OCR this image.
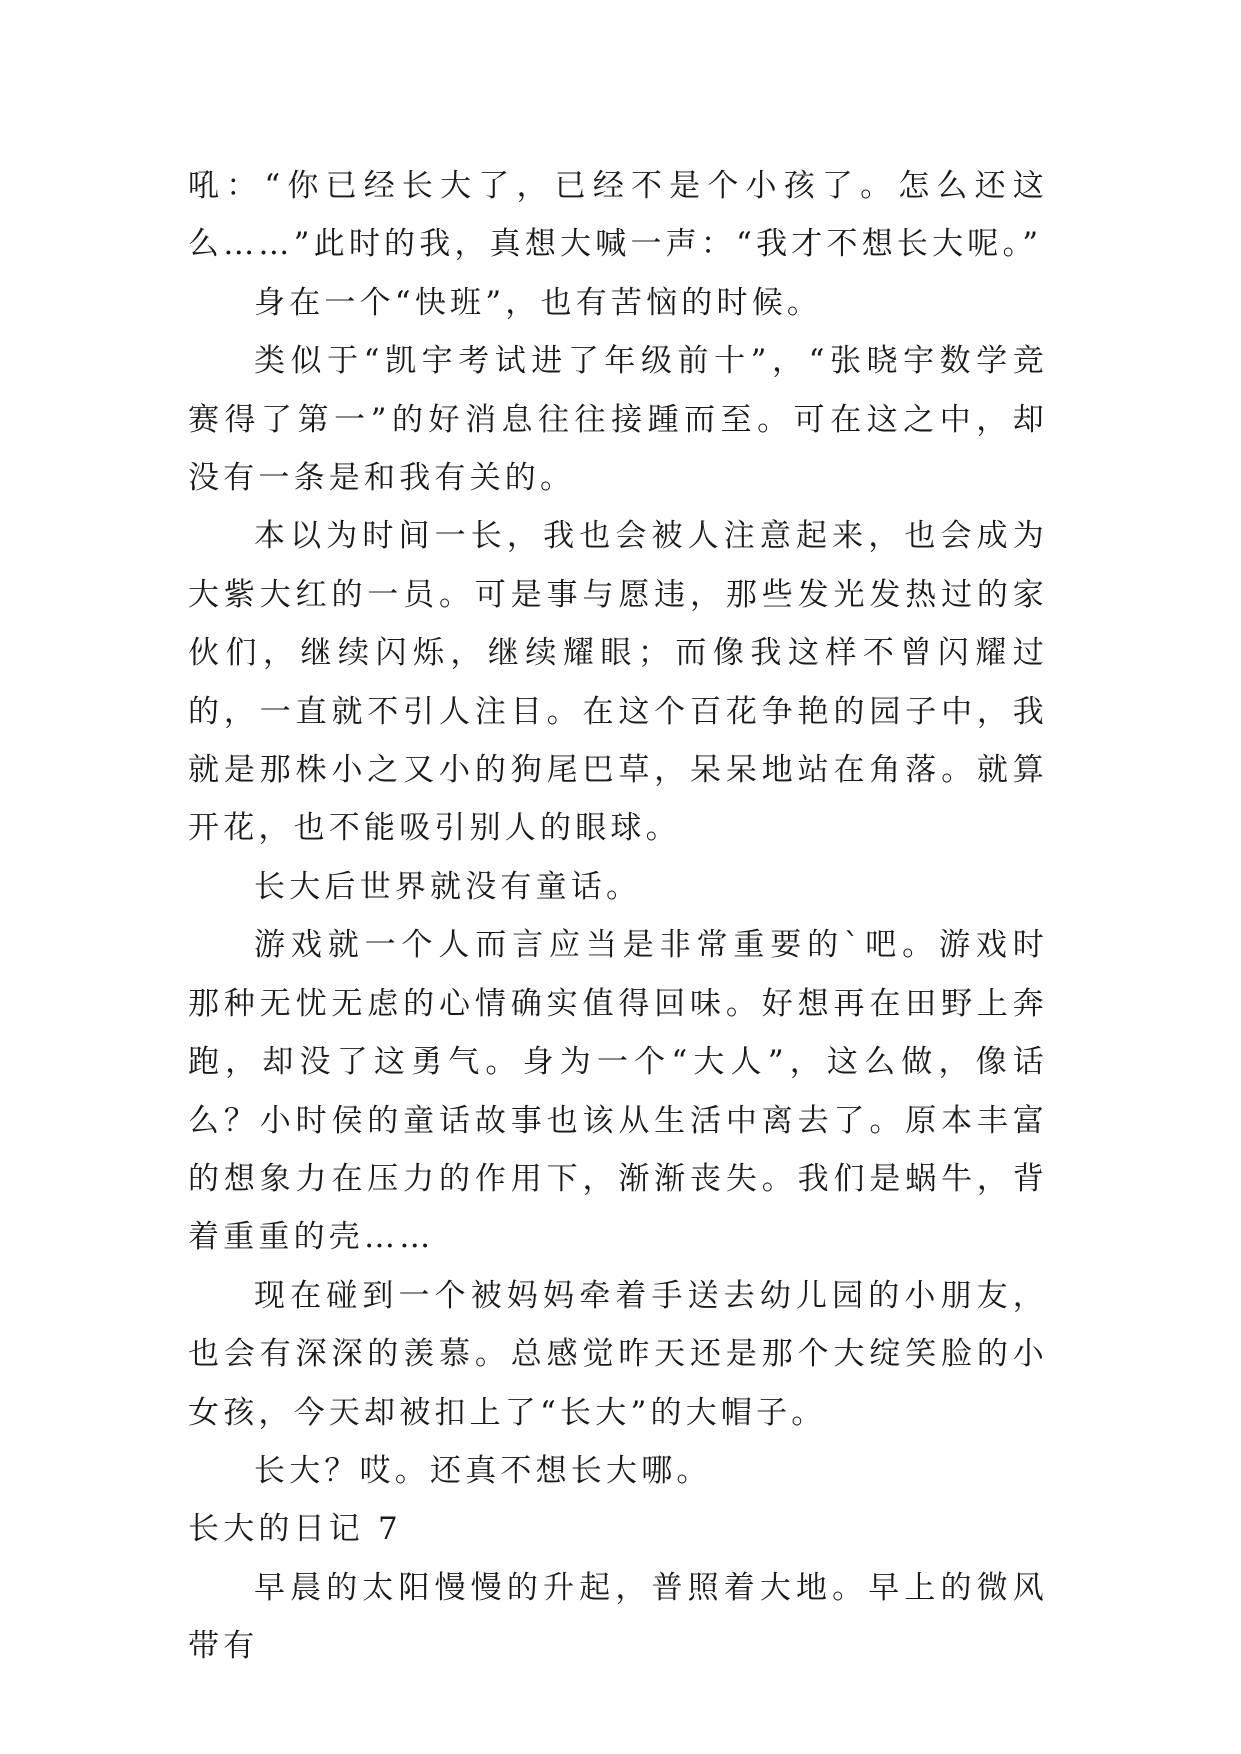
吼：“你已经长大了，已经不是个小孩了。怎么还这么……”此时的我，真想大喊一声：“我才不想长大呢。”

身在一个“快班”，也有苦恼的时候。

类似于“凯宇考试进了年级前十”，“张晓宇数学竞赛得了第一”的好消息往往接踵而至。可在这之中，却没有一条是和我有关的。

本以为时间一长，我也会被人注意起来，也会成为大紫大红的一员。可是事与愿违，那些发光发热过的家伙们，继续闪烁，继续耀眼；而像我这样不曾闪耀过的，一直就不引人注目。在这个百花争艳的园子中，我就是那株小之又小的狗尾巴草，呆呆地站在角落。就算开花，也不能吸引别人的眼球。

长大后世界就没有童话。

游戏就一个人而言应当是非常重要的`吧。游戏时那种无忧无虑的心情确实值得回味。好想再在田野上奔跑，却没了这勇气。身为一个“大人”，这么做，像话么？小时侯的童话故事也该从生活中离去了。原本丰富的想象力在压力的作用下，渐渐丧失。我们是蜗牛，背着重重的壳……

现在碰到一个被妈妈牵着手送去幼儿园的小朋友，也会有深深的羡慕。总感觉昨天还是那个大绽笑脸的小女孩，今天却被扣上了“长大”的大帽子。

长大？哎。还真不想长大哪。

长大的日记 7

早晨的太阳慢慢的升起，普照着大地。早上的微风带有
